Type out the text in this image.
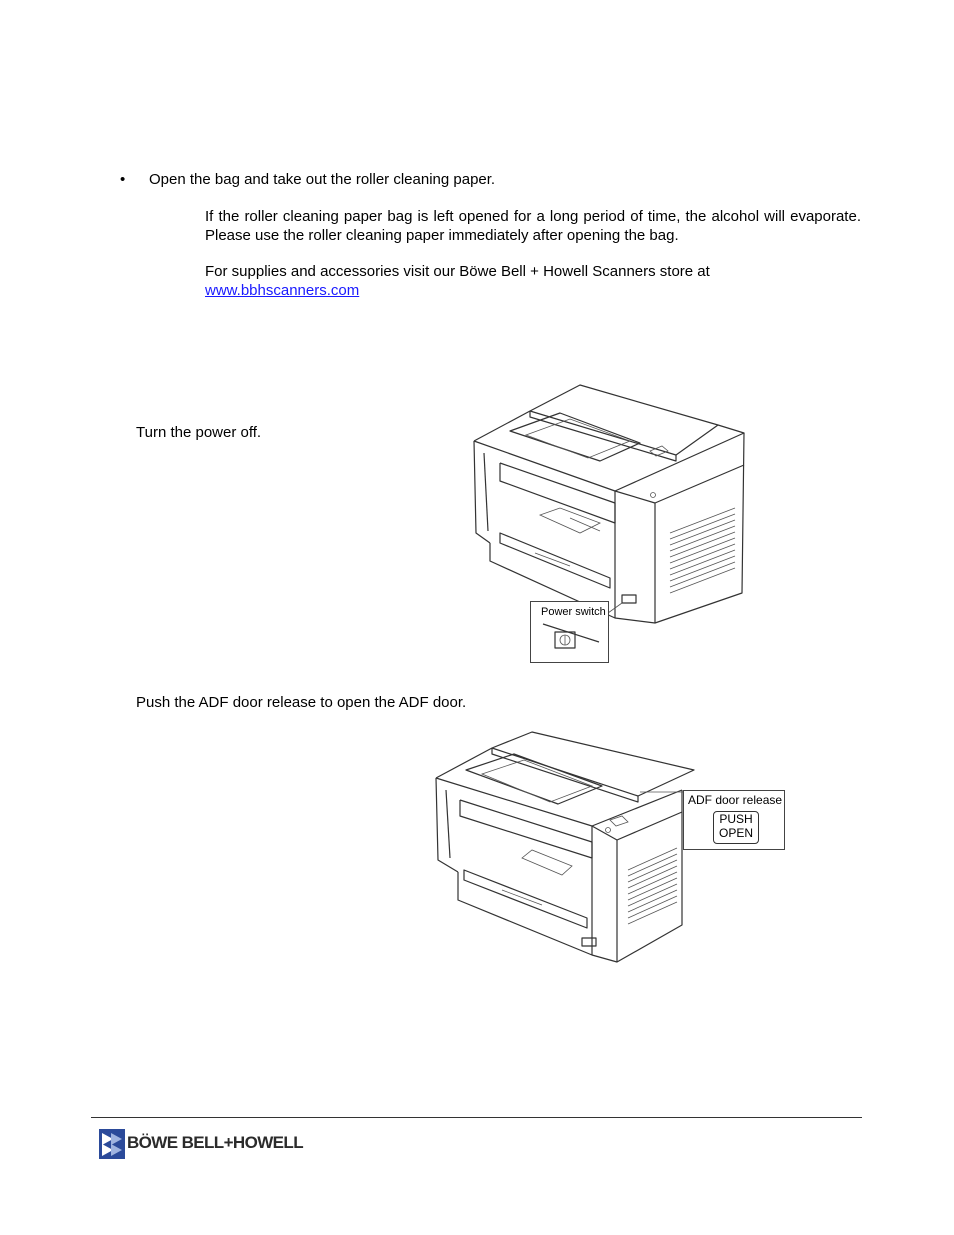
• Open the bag and take out the roller cleaning paper.
If the roller cleaning paper bag is left opened for a long period of time, the alcohol will evaporate. Please use the roller cleaning paper immediately after opening the bag.
For supplies and accessories visit our Böwe Bell + Howell Scanners store at
www.bbhscanners.com
Turn the power off.
Power switch
Push the ADF door release to open the ADF door.
ADF door release
PUSH
OPEN
BÖWE BELL+HOWELL
